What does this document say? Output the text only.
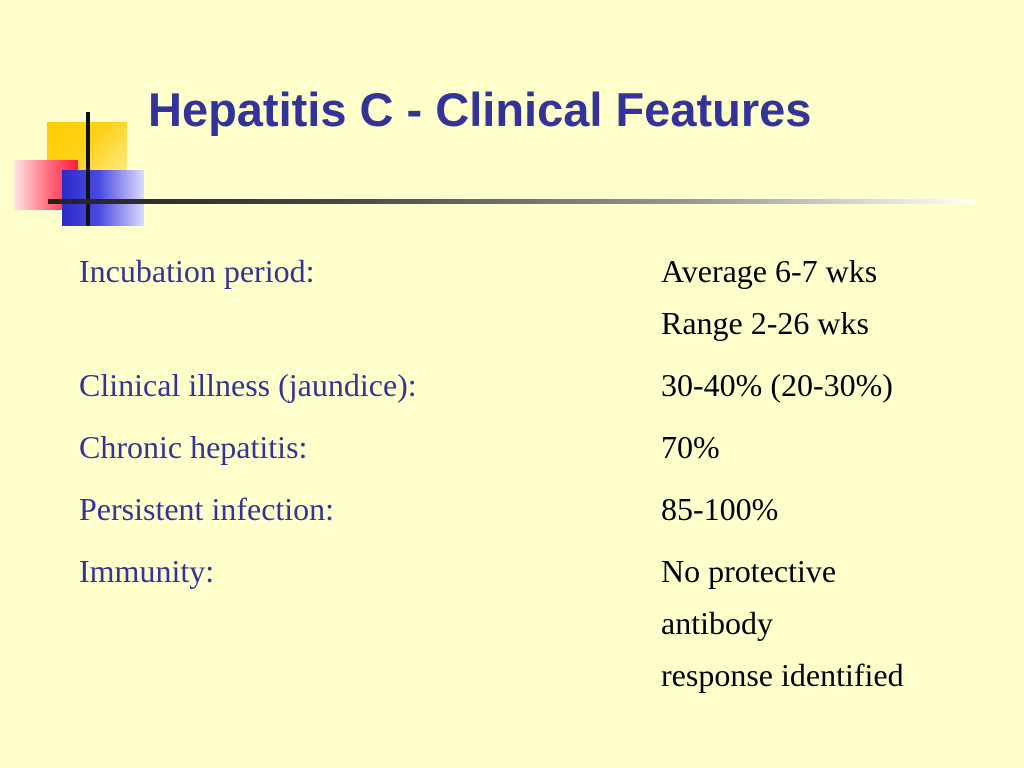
Hepatitis C - Clinical Features
Incubation period:	Average 6-7 wks
Range 2-26 wks
Clinical illness (jaundice):	30-40% (20-30%)
Chronic hepatitis:	70%
Persistent infection:	85-100%
Immunity:	No protective
antibody
response identified
